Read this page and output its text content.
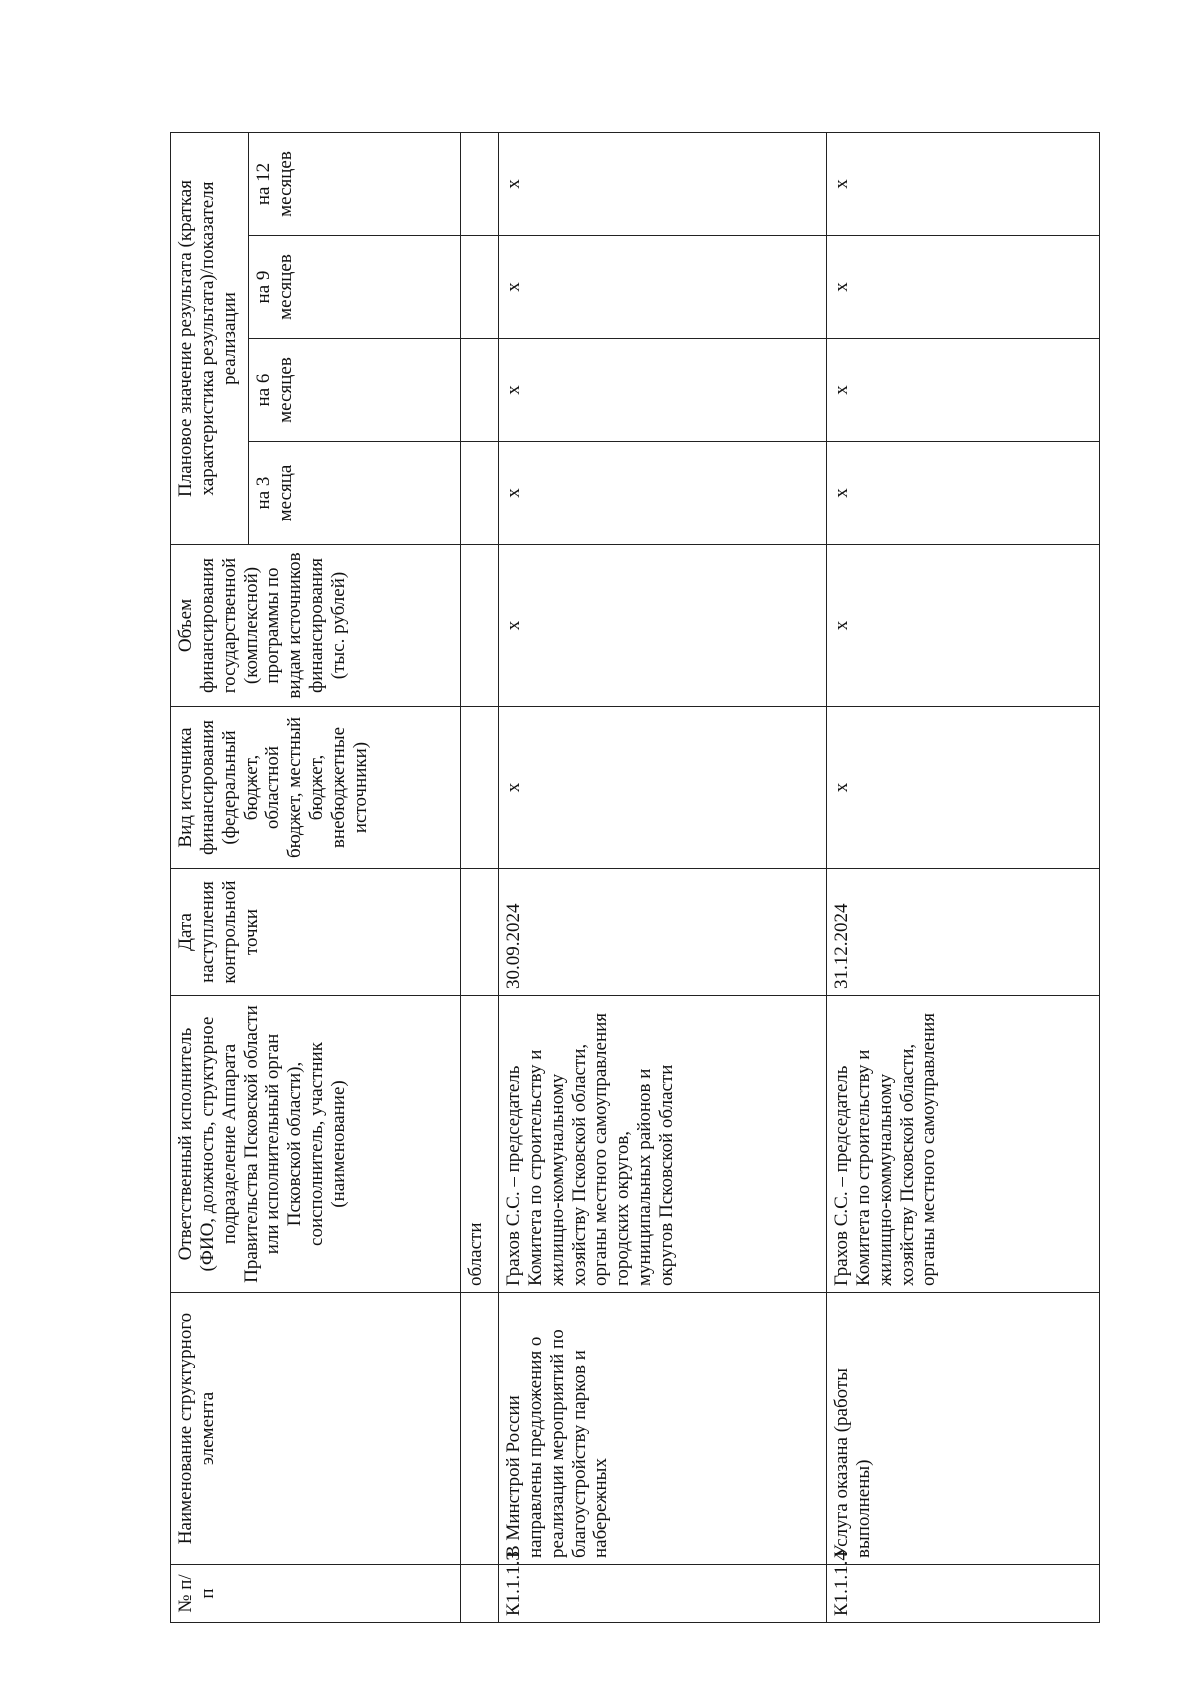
№ п/п	Наименование структурного элемента	Ответственный исполнитель (ФИО, должность, структурное подразделение Аппарата Правительства Псковской области или исполнительный орган Псковской области), соисполнитель, участник (наименование)	Дата наступления контрольной точки	Вид источника финансирования (федеральный бюджет, областной бюджет, местный бюджет, внебюджетные источники)	Объем финансирования государственной (комплексной) программы по видам источников финансирования (тыс. рублей)	Плановое значение результата (краткая характеристика результата)/показателя реализации			
						на 3 месяца	на 6 месяцев	на 9 месяцев	на 12 месяцев
		области							
К1.1.1.3	В Минстрой России направлены предложения о реализации мероприятий по благоустройству парков и набережных	Грахов С.С. – председатель Комитета по строительству и жилищно-коммунальному хозяйству Псковской области, органы местного самоуправления городских округов, муниципальных районов и округов Псковской области	30.09.2024	х	х	х	х	х	х
К1.1.1.4	Услуга оказана (работы выполнены)	Грахов С.С. – председатель Комитета по строительству и жилищно-коммунальному хозяйству Псковской области, органы местного самоуправления	31.12.2024	х	х	х	х	х	х
